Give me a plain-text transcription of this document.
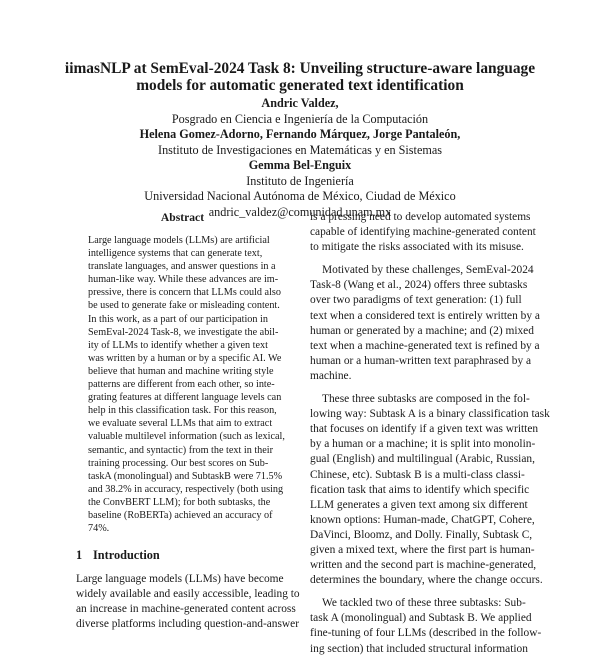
iimasNLP at SemEval-2024 Task 8: Unveiling structure-aware language
models for automatic generated text identification
Andric Valdez,
Posgrado en Ciencia e Ingeniería de la Computación
Helena Gomez-Adorno, Fernando Márquez, Jorge Pantaleón,
Instituto de Investigaciones en Matemáticas y en Sistemas
Gemma Bel-Enguix
Instituto de Ingeniería
Universidad Nacional Autónoma de México, Ciudad de México
andric_valdez@comunidad.unam.mx
Abstract
Large language models (LLMs) are artificial
intelligence systems that can generate text,
translate languages, and answer questions in a
human-like way. While these advances are im-
pressive, there is concern that LLMs could also
be used to generate fake or misleading content.
In this work, as a part of our participation in
SemEval-2024 Task-8, we investigate the abil-
ity of LLMs to identify whether a given text
was written by a human or by a specific AI. We
believe that human and machine writing style
patterns are different from each other, so inte-
grating features at different language levels can
help in this classification task. For this reason,
we evaluate several LLMs that aim to extract
valuable multilevel information (such as lexical,
semantic, and syntactic) from the text in their
training processing. Our best scores on Sub-
taskA (monolingual) and SubtaskB were 71.5%
and 38.2% in accuracy, respectively (both using
the ConvBERT LLM); for both subtasks, the
baseline (RoBERTa) achieved an accuracy of
74%.
1 Introduction
Large language models (LLMs) have become
widely available and easily accessible, leading to
an increase in machine-generated content across
diverse platforms including question-and-answer
is a pressing need to develop automated systems
capable of identifying machine-generated content
to mitigate the risks associated with its misuse.
Motivated by these challenges, SemEval-2024
Task-8 (Wang et al., 2024) offers three subtasks
over two paradigms of text generation: (1) full
text when a considered text is entirely written by a
human or generated by a machine; and (2) mixed
text when a machine-generated text is refined by a
human or a human-written text paraphrased by a
machine.
These three subtasks are composed in the fol-
lowing way: Subtask A is a binary classification task
that focuses on identify if a given text was written
by a human or a machine; it is split into monolin-
gual (English) and multilingual (Arabic, Russian,
Chinese, etc). Subtask B is a multi-class classi-
fication task that aims to identify which specific
LLM generates a given text among six different
known options: Human-made, ChatGPT, Cohere,
DaVinci, Bloomz, and Dolly. Finally, Subtask C,
given a mixed text, where the first part is human-
written and the second part is machine-generated,
determines the boundary, where the change occurs.
We tackled two of these three subtasks: Sub-
task A (monolingual) and Subtask B. We applied
fine-tuning of four LLMs (described in the follow-
ing section) that included structural information
